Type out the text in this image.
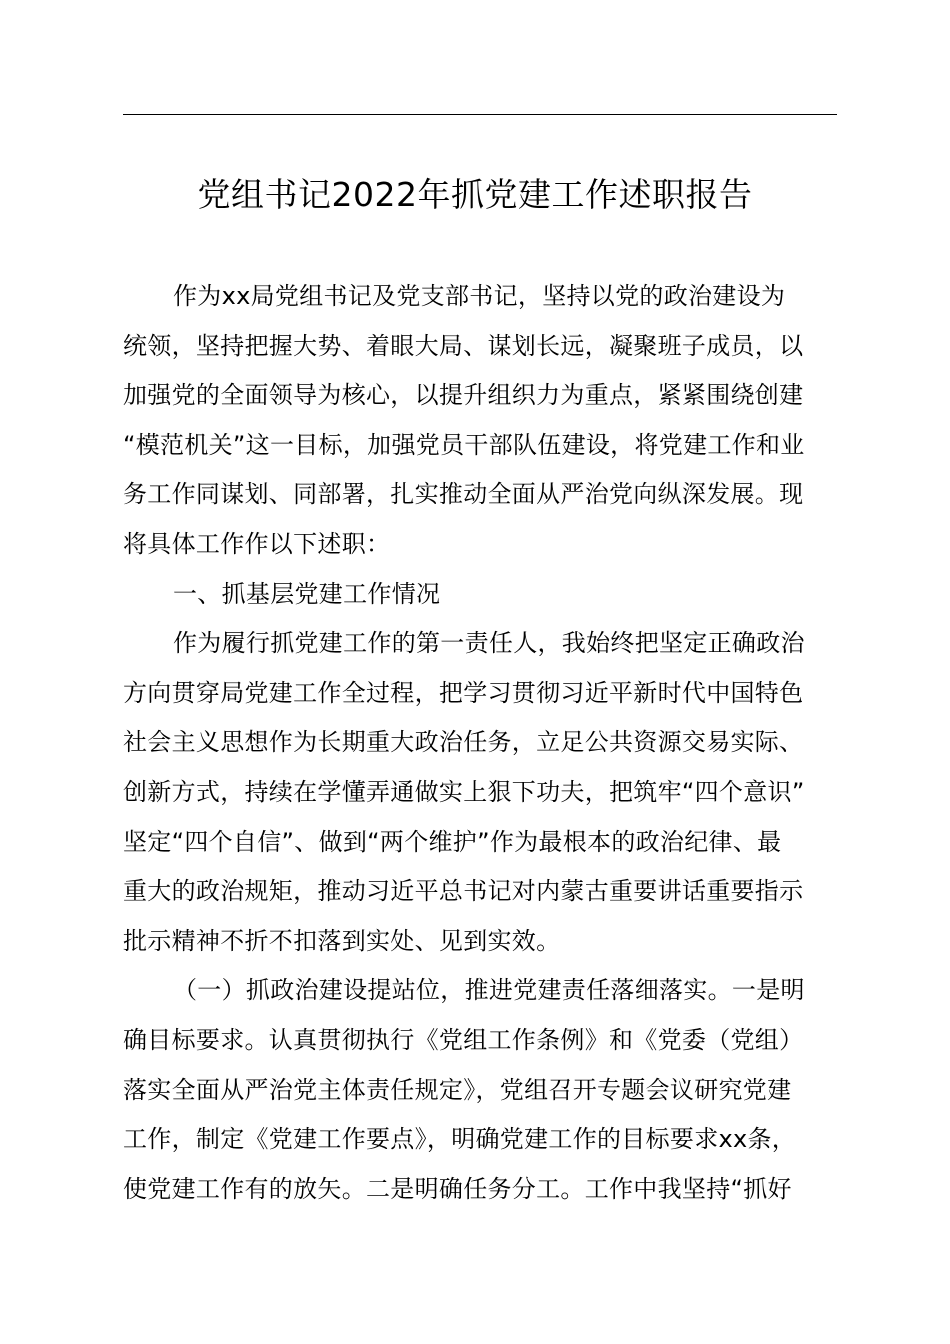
党组书记2022年抓党建工作述职报告
作为xx局党组书记及党支部书记，坚持以党的政治建设为
统领，坚持把握大势、着眼大局、谋划长远，凝聚班子成员，以
加强党的全面领导为核心，以提升组织力为重点，紧紧围绕创建
“模范机关”这一目标，加强党员干部队伍建设，将党建工作和业
务工作同谋划、同部署，扎实推动全面从严治党向纵深发展。现
将具体工作作以下述职：
一、抓基层党建工作情况
作为履行抓党建工作的第一责任人，我始终把坚定正确政治
方向贯穿局党建工作全过程，把学习贯彻习近平新时代中国特色
社会主义思想作为长期重大政治任务，立足公共资源交易实际、
创新方式，持续在学懂弄通做实上狠下功夫，把筑牢“四个意识”
坚定“四个自信”、做到“两个维护”作为最根本的政治纪律、最
重大的政治规矩，推动习近平总书记对内蒙古重要讲话重要指示
批示精神不折不扣落到实处、见到实效。
（一）抓政治建设提站位，推进党建责任落细落实。一是明
确目标要求。认真贯彻执行《党组工作条例》和《党委（党组）
落实全面从严治党主体责任规定》，党组召开专题会议研究党建
工作，制定《党建工作要点》，明确党建工作的目标要求xx条，
使党建工作有的放矢。二是明确任务分工。工作中我坚持“抓好
